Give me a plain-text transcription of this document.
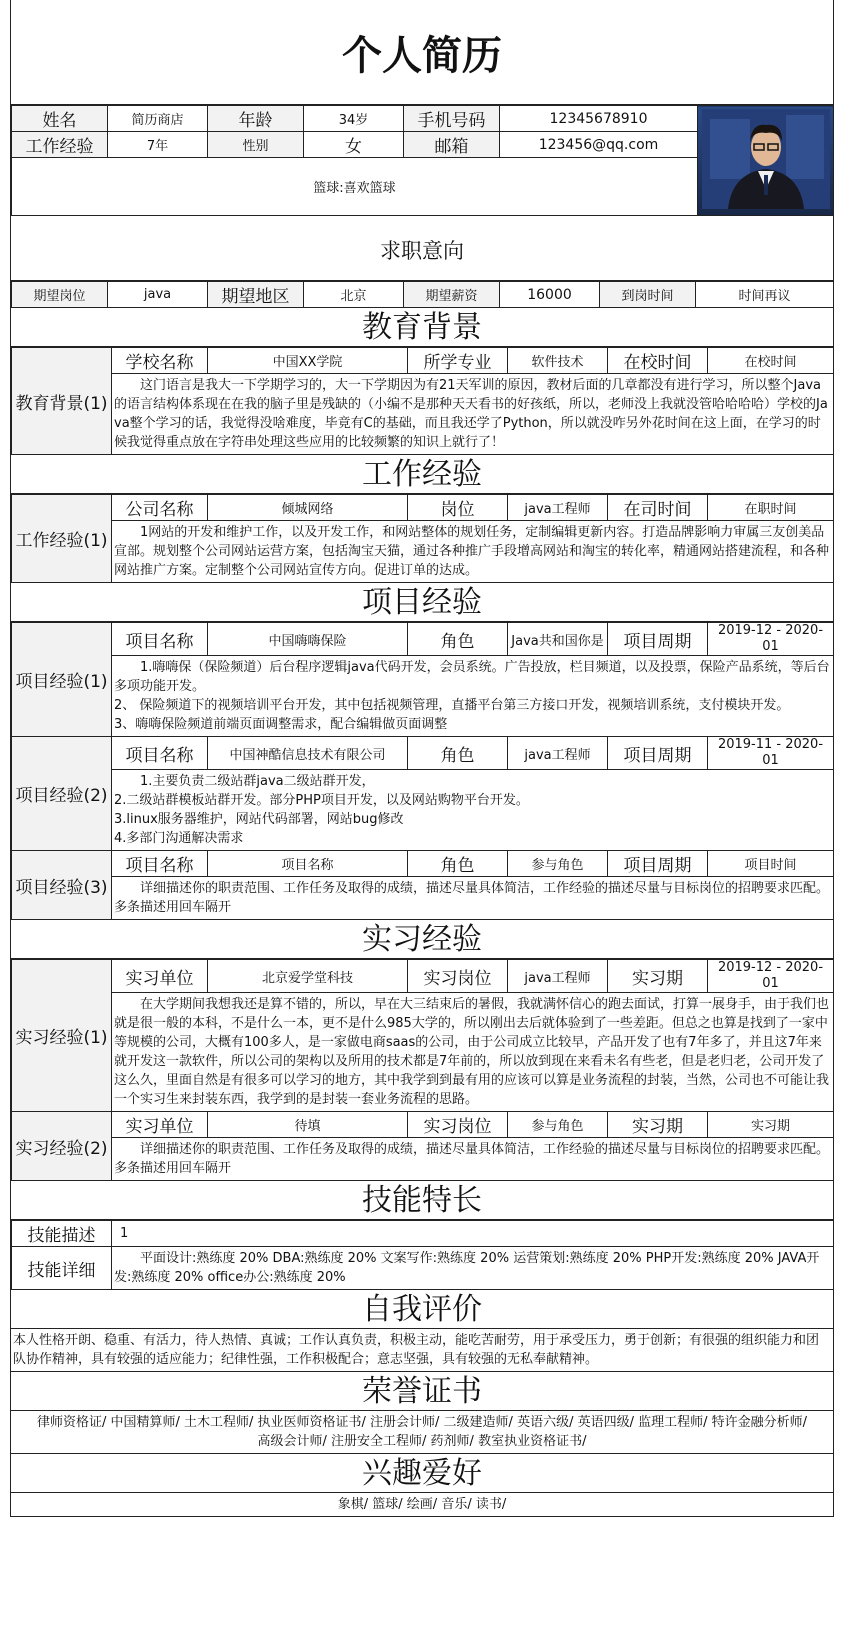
个人简历
姓名	简历商店	年龄	34岁	手机号码	12345678910	
工作经验	7年	性别	女	邮箱	123456@qq.com	
篮球:喜欢篮球						
求职意向
期望岗位	java	期望地区	北京	期望薪资	16000	到岗时间	时间再议
教育背景
教育背景(1)	学校名称	中国XX学院	所学专业	软件技术	在校时间	在校时间
这门语言是我大一下学期学习的，大一下学期因为有21天军训的原因，教材后面的几章都没有进行学习，所以整个Java的语言结构体系现在在我的脑子里是残缺的（小编不是那种天天看书的好孩纸，所以，老师没上我就没管哈哈哈哈）学校的Java整个学习的话，我觉得没啥难度，毕竟有C的基础，而且我还学了Python，所以就没咋另外花时间在这上面，在学习的时候我觉得重点放在字符串处理这些应用的比较频繁的知识上就行了！
工作经验
工作经验(1)	公司名称	倾城网络	岗位	java工程师	在司时间	在职时间
1网站的开发和维护工作，以及开发工作，和网站整体的规划任务，定制编辑更新内容。打造品牌影响力审属三友创美品宣部。规划整个公司网站运营方案，包括淘宝天猫，通过各种推广手段增高网站和淘宝的转化率，精通网站搭建流程，和各种网站推广方案。定制整个公司网站宣传方向。促进订单的达成。
项目经验
项目经验(1)	项目名称	中国嗨嗨保险	角色	Java共和国你是	项目周期	2019-12 - 2020-01

	1.嗨嗨保（保险频道）后台程序逻辑java代码开发，会员系统。广告投放，栏目频道，以及投票，保险产品系统，等后台多项功能开发。
2、 保险频道下的视频培训平台开发，其中包括视频管理，直播平台第三方接口开发，视频培训系统，支付模块开发。
3、嗨嗨保险频道前端页面调整需求，配合编辑做页面调整					

项目经验(2)	项目名称	中国神酷信息技术有限公司	角色	java工程师	项目周期	2019-11 - 2020-01

	1.主要负责二级站群java二级站群开发，
2.二级站群模板站群开发。部分PHP项目开发，以及网站购物平台开发。
3.linux服务器维护，网站代码部署，网站bug修改
4.多部门沟通解决需求					

项目经验(3)	项目名称	项目名称	角色	参与角色	项目周期	项目时间
	详细描述你的职责范围、工作任务及取得的成绩，描述尽量具体简洁，工作经验的描述尽量与目标岗位的招聘要求匹配。多条描述用回车隔开					
实习经验
实习经验(1)	实习单位	北京爱学堂科技	实习岗位	java工程师	实习期	2019-12 - 2020-01
	在大学期间我想我还是算不错的，所以，早在大三结束后的暑假，我就满怀信心的跑去面试，打算一展身手，由于我们也就是很一般的本科，不是什么一本，更不是什么985大学的，所以刚出去后就体验到了一些差距。但总之也算是找到了一家中等规模的公司，大概有100多人，是一家做电商saas的公司，由于公司成立比较早，产品开发了也有7年多了，并且这7年来就开发这一款软件，所以公司的架构以及所用的技术都是7年前的，所以放到现在来看未名有些老，但是老归老，公司开发了这么久，里面自然是有很多可以学习的地方，其中我学到到最有用的应该可以算是业务流程的封装，当然，公司也不可能让我一个实习生来封装东西，我学到的是封装一套业务流程的思路。					
实习经验(2)	实习单位	待填	实习岗位	参与角色	实习期	实习期
	详细描述你的职责范围、工作任务及取得的成绩，描述尽量具体简洁，工作经验的描述尽量与目标岗位的招聘要求匹配。多条描述用回车隔开					
技能特长
技能描述	1
技能详细	平面设计:熟练度 20% DBA:熟练度 20% 文案写作:熟练度 20% 运营策划:熟练度 20% PHP开发:熟练度 20% JAVA开发:熟练度 20% office办公:熟练度 20%
自我评价
本人性格开朗、稳重、有活力，待人热情、真诚；工作认真负责，积极主动，能吃苦耐劳，用于承受压力，勇于创新；有很强的组织能力和团队协作精神，具有较强的适应能力；纪律性强，工作积极配合；意志坚强，具有较强的无私奉献精神。
荣誉证书
律师资格证/ 中国精算师/ 土木工程师/ 执业医师资格证书/ 注册会计师/ 二级建造师/ 英语六级/ 英语四级/ 监理工程师/ 特许金融分析师/ 高级会计师/ 注册安全工程师/ 药剂师/ 教室执业资格证书/
兴趣爱好
象棋/ 篮球/ 绘画/ 音乐/ 读书/
